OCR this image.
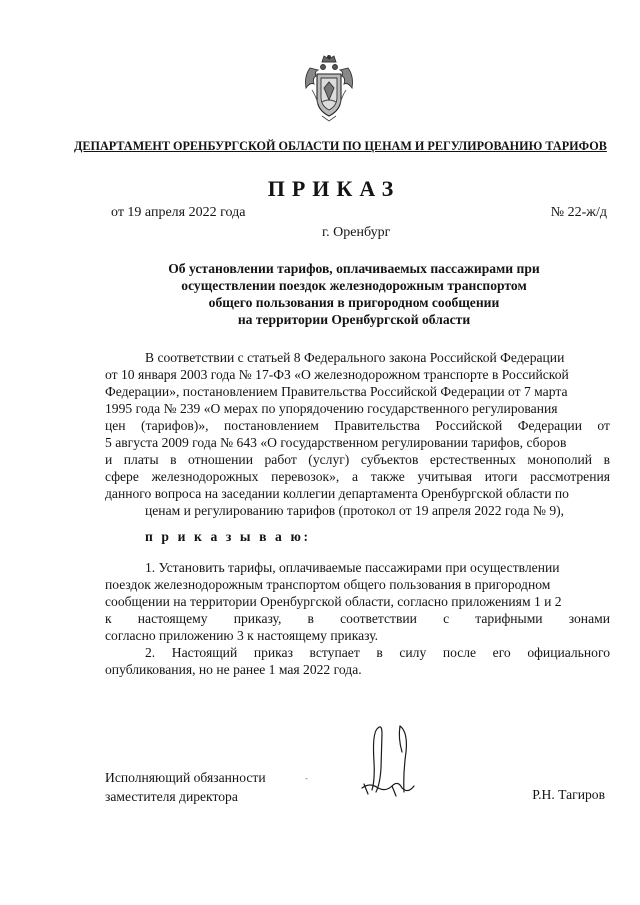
ДЕПАРТАМЕНТ ОРЕНБУРГСКОЙ ОБЛАСТИ ПО ЦЕНАМ И РЕГУЛИРОВАНИЮ ТАРИФОВ
ПРИКАЗ
от 19 апреля 2022 года	№ 22-ж/д
г. Оренбург
Об установлении тарифов, оплачиваемых пассажирами при
осуществлении поездок железнодорожным транспортом
общего пользования в пригородном сообщении
на территории Оренбургской области
В соответствии с статьей 8 Федерального закона Российской Федерации
от 10 января 2003 года № 17-ФЗ «О железнодорожном транспорте в Российской
Федерации», постановлением Правительства Российской Федерации от 7 марта
1995 года № 239 «О мерах по упорядочению государственного регулирования
цен (тарифов)», постановлением Правительства Российской Федерации от
5 августа 2009 года № 643 «О государственном регулировании тарифов, сборов
и платы в отношении работ (услуг) субъектов ерстественных монополий в
сфере железнодорожных перевозок», а также учитывая итоги рассмотрения
данного вопроса на заседании коллегии департамента Оренбургской области по
ценам и регулированию тарифов (протокол от 19 апреля 2022 года № 9),
п р и к а з ы в а ю:
1. Установить тарифы, оплачиваемые пассажирами при осуществлении
поездок железнодорожным транспортом общего пользования в пригородном
сообщении на территории Оренбургской области, согласно приложениям 1 и 2
к настоящему приказу, в соответствии с тарифными зонами
согласно приложению 3 к настоящему приказу.
2. Настоящий приказ вступает в силу после его официального
опубликования, но не ранее 1 мая 2022 года.
Исполняющий обязанности
заместителя директора
-
Р.Н. Тагиров
